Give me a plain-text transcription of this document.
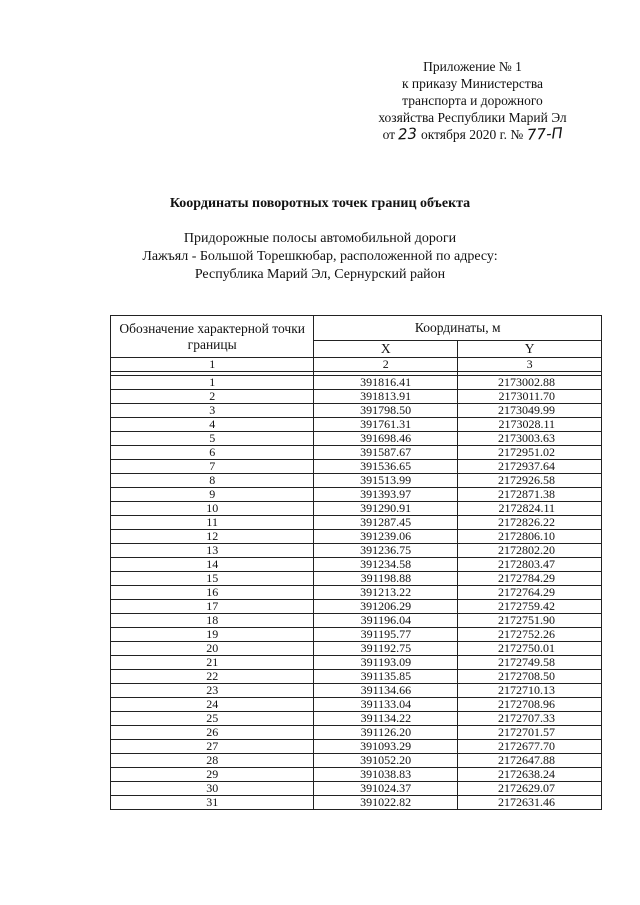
Приложение № 1
к приказу Министерства
транспорта и дорожного
хозяйства Республики Марий Эл
от 23 октября 2020 г. № 77-П
Координаты поворотных точек границ объекта
Придорожные полосы автомобильной дороги
Лажъял - Большой Торешкюбар, расположенной по адресу:
Республика Марий Эл, Сернурский район
Обозначение характерной точки границы	Координаты, м	
	X	Y
1	2	3

1	391816.41	2173002.88
2	391813.91	2173011.70
3	391798.50	2173049.99
4	391761.31	2173028.11
5	391698.46	2173003.63
6	391587.67	2172951.02
7	391536.65	2172937.64
8	391513.99	2172926.58
9	391393.97	2172871.38
10	391290.91	2172824.11
11	391287.45	2172826.22
12	391239.06	2172806.10
13	391236.75	2172802.20
14	391234.58	2172803.47
15	391198.88	2172784.29
16	391213.22	2172764.29
17	391206.29	2172759.42
18	391196.04	2172751.90
19	391195.77	2172752.26
20	391192.75	2172750.01
21	391193.09	2172749.58
22	391135.85	2172708.50
23	391134.66	2172710.13
24	391133.04	2172708.96
25	391134.22	2172707.33
26	391126.20	2172701.57
27	391093.29	2172677.70
28	391052.20	2172647.88
29	391038.83	2172638.24
30	391024.37	2172629.07
31	391022.82	2172631.46
